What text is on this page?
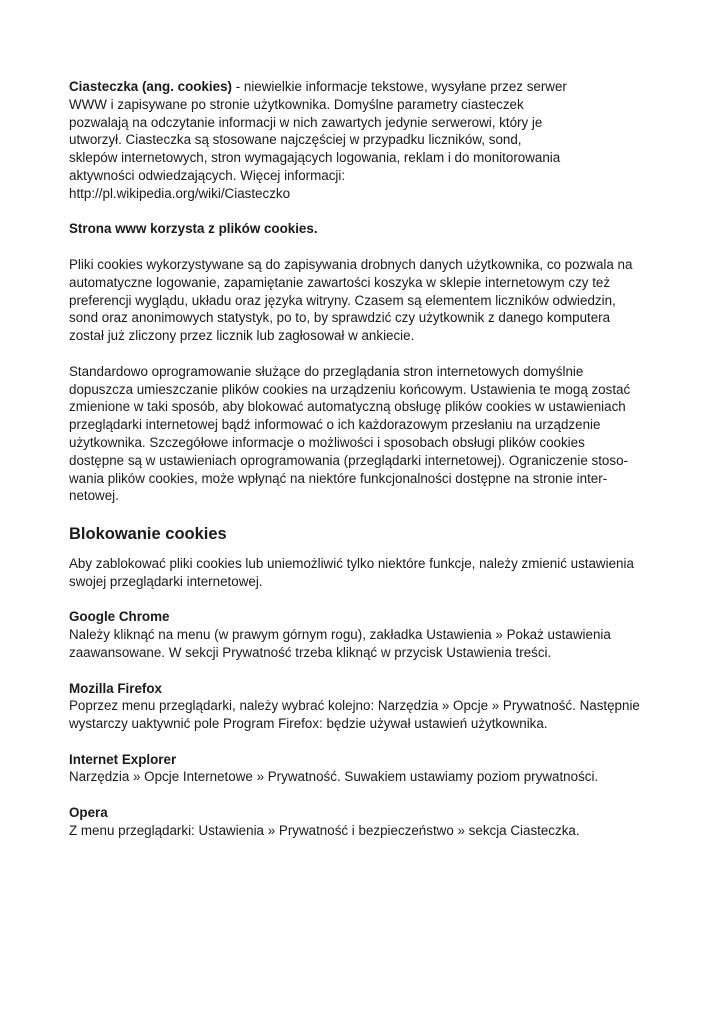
Ciasteczka (ang. cookies) - niewielkie informacje tekstowe, wysyłane przez serwer
WWW i zapisywane po stronie użytkownika. Domyślne parametry ciasteczek
pozwalają na odczytanie informacji w nich zawartych jedynie serwerowi, który je
utworzył. Ciasteczka są stosowane najczęściej w przypadku liczników, sond,
sklepów internetowych, stron wymagających logowania, reklam i do monitorowania
aktywności odwiedzających. Więcej informacji:
http://pl.wikipedia.org/wiki/Ciasteczko
Strona www korzysta z plików cookies.
Pliki cookies wykorzystywane są do zapisywania drobnych danych użytkownika, co pozwala na
automatyczne logowanie, zapamiętanie zawartości koszyka w sklepie internetowym czy też
preferencji wyglądu, układu oraz języka witryny. Czasem są elementem liczników odwiedzin,
sond oraz anonimowych statystyk, po to, by sprawdzić czy użytkownik z danego komputera
został już zliczony przez licznik lub zagłosował w ankiecie.
Standardowo oprogramowanie służące do przeglądania stron internetowych domyślnie
dopuszcza umieszczanie plików cookies na urządzeniu końcowym. Ustawienia te mogą zostać
zmienione w taki sposób, aby blokować automatyczną obsługę plików cookies w ustawieniach
przeglądarki internetowej bądź informować o ich każdorazowym przesłaniu na urządzenie
użytkownika. Szczegółowe informacje o możliwości i sposobach obsługi plików cookies
dostępne są w ustawieniach oprogramowania (przeglądarki internetowej). Ograniczenie stoso-
wania plików cookies, może wpłynąć na niektóre funkcjonalności dostępne na stronie inter-
netowej.
Blokowanie cookies
Aby zablokować pliki cookies lub uniemożliwić tylko niektóre funkcje, należy zmienić ustawienia
swojej przeglądarki internetowej.
Google Chrome
Należy kliknąć na menu (w prawym górnym rogu), zakładka Ustawienia » Pokaż ustawienia
zaawansowane. W sekcji Prywatność trzeba kliknąć w przycisk Ustawienia treści.
Mozilla Firefox
Poprzez menu przeglądarki, należy wybrać kolejno: Narzędzia » Opcje » Prywatność. Następnie
wystarczy uaktywnić pole Program Firefox: będzie używał ustawień użytkownika.
Internet Explorer
Narzędzia » Opcje Internetowe » Prywatność. Suwakiem ustawiamy poziom prywatności.
Opera
Z menu przeglądarki: Ustawienia » Prywatność i bezpieczeństwo » sekcja Ciasteczka.
